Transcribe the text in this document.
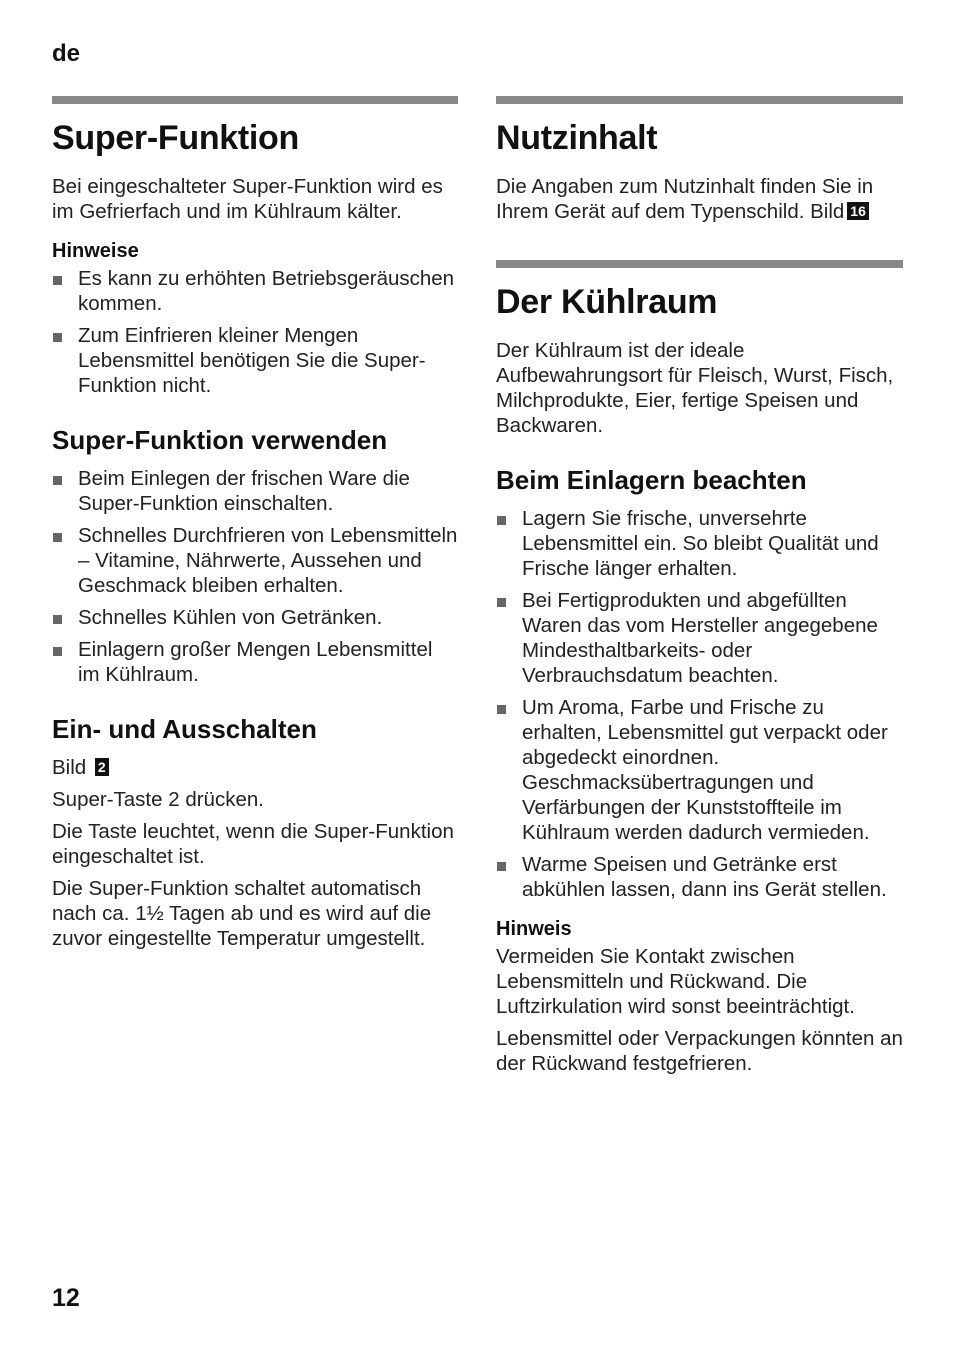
de
Super-Funktion

Bei eingeschalteter Super-Funktion wird es im Gefrierfach und im Kühlraum kälter.

Hinweise
Es kann zu erhöhten Betriebsgeräuschen kommen.
Zum Einfrieren kleiner Mengen Lebensmittel benötigen Sie die Super-Funktion nicht.
Super-Funktion verwenden
Beim Einlegen der frischen Ware die Super-Funktion einschalten.
Schnelles Durchfrieren von Lebensmitteln – Vitamine, Nährwerte, Aussehen und Geschmack bleiben erhalten.
Schnelles Kühlen von Getränken.
Einlagern großer Mengen Lebensmittel im Kühlraum.
Ein- und Ausschalten

Bild 2

Super-Taste 2 drücken.

Die Taste leuchtet, wenn die Super-Funktion eingeschaltet ist.

Die Super-Funktion schaltet automatisch nach ca. 1½ Tagen ab und es wird auf die zuvor eingestellte Temperatur umgestellt.

Nutzinhalt

Die Angaben zum Nutzinhalt finden Sie in Ihrem Gerät auf dem Typenschild. Bild 16

Der Kühlraum

Der Kühlraum ist der ideale Aufbewahrungsort für Fleisch, Wurst, Fisch, Milchprodukte, Eier, fertige Speisen und Backwaren.

Beim Einlagern beachten
Lagern Sie frische, unversehrte Lebensmittel ein. So bleibt Qualität und Frische länger erhalten.
Bei Fertigprodukten und abgefüllten Waren das vom Hersteller angegebene Mindesthaltbarkeits- oder Verbrauchsdatum beachten.
Um Aroma, Farbe und Frische zu erhalten, Lebensmittel gut verpackt oder abgedeckt einordnen. Geschmacksübertragungen und Verfärbungen der Kunststoffteile im Kühlraum werden dadurch vermieden.
Warme Speisen und Getränke erst abkühlen lassen, dann ins Gerät stellen.
Hinweis

Vermeiden Sie Kontakt zwischen Lebensmitteln und Rückwand. Die Luftzirkulation wird sonst beeinträchtigt.

Lebensmittel oder Verpackungen könnten an der Rückwand festgefrieren.

12
